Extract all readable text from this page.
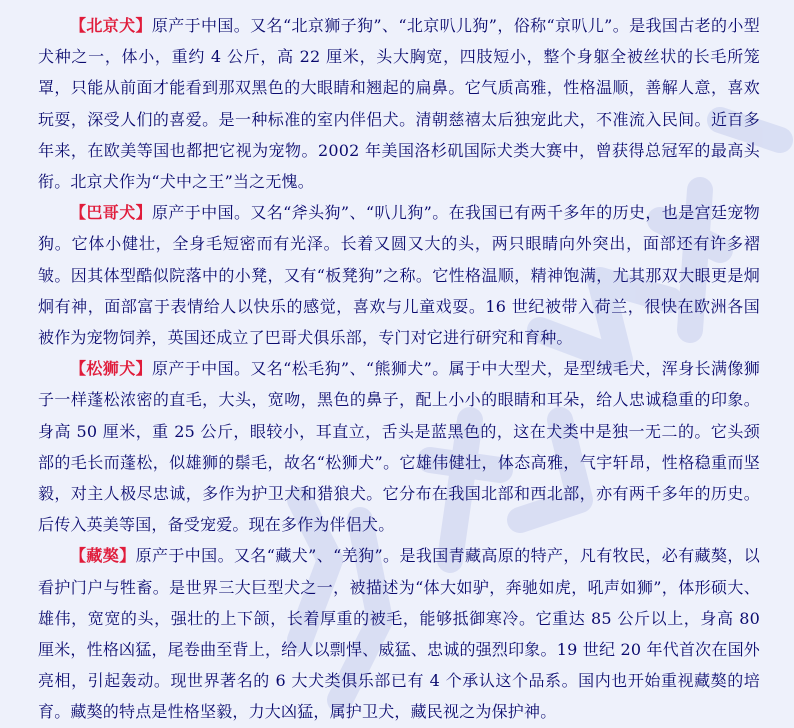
【北京犬】原产于中国。又名“北京狮子狗”、“北京叭儿狗”，俗称“京叭儿”。是我国古老的小型犬种之一，体小，重约 4 公斤，高 22 厘米，头大胸宽，四肢短小，整个身躯全被丝状的长毛所笼罩，只能从前面才能看到那双黑色的大眼睛和翘起的扁鼻。它气质高雅，性格温顺，善解人意，喜欢玩耍，深受人们的喜爱。是一种标准的室内伴侣犬。清朝慈禧太后独宠此犬，不准流入民间。近百多年来，在欧美等国也都把它视为宠物。2002 年美国洛杉矶国际犬类大赛中，曾获得总冠军的最高头衔。北京犬作为“犬中之王”当之无愧。

【巴哥犬】原产于中国。又名“斧头狗”、“叭儿狗”。在我国已有两千多年的历史，也是宫廷宠物狗。它体小健壮，全身毛短密而有光泽。长着又圆又大的头，两只眼睛向外突出，面部还有许多褶皱。因其体型酷似院落中的小凳，又有“板凳狗”之称。它性格温顺，精神饱满，尤其那双大眼更是炯炯有神，面部富于表情给人以快乐的感觉，喜欢与儿童戏耍。16 世纪被带入荷兰，很快在欧洲各国被作为宠物饲养，英国还成立了巴哥犬俱乐部，专门对它进行研究和育种。

【松狮犬】原产于中国。又名“松毛狗”、“熊狮犬”。属于中大型犬，是型绒毛犬，浑身长满像狮子一样蓬松浓密的直毛，大头，宽吻，黑色的鼻子，配上小小的眼睛和耳朵，给人忠诚稳重的印象。身高 50 厘米，重 25 公斤，眼较小，耳直立，舌头是蓝黑色的，这在犬类中是独一无二的。它头颈部的毛长而蓬松，似雄狮的鬃毛，故名“松狮犬”。它雄伟健壮，体态高雅，气宇轩昂，性格稳重而坚毅，对主人极尽忠诚，多作为护卫犬和猎狼犬。它分布在我国北部和西北部，亦有两千多年的历史。后传入英美等国，备受宠爱。现在多作为伴侣犬。

【藏獒】原产于中国。又名“藏犬”、“羌狗”。是我国青藏高原的特产，凡有牧民，必有藏獒，以看护门户与牲畜。是世界三大巨型犬之一，被描述为“体大如驴，奔驰如虎，吼声如狮”，体形硕大、雄伟，宽宽的头，强壮的上下颌，长着厚重的被毛，能够抵御寒冷。它重达 85 公斤以上，身高 80 厘米，性格凶猛，尾卷曲至背上，给人以剽悍、威猛、忠诚的强烈印象。19 世纪 20 年代首次在国外亮相，引起轰动。现世界著名的 6 大犬类俱乐部已有 4 个承认这个品系。国内也开始重视藏獒的培育。藏獒的特点是性格坚毅，力大凶猛，属护卫犬，藏民视之为保护神。
